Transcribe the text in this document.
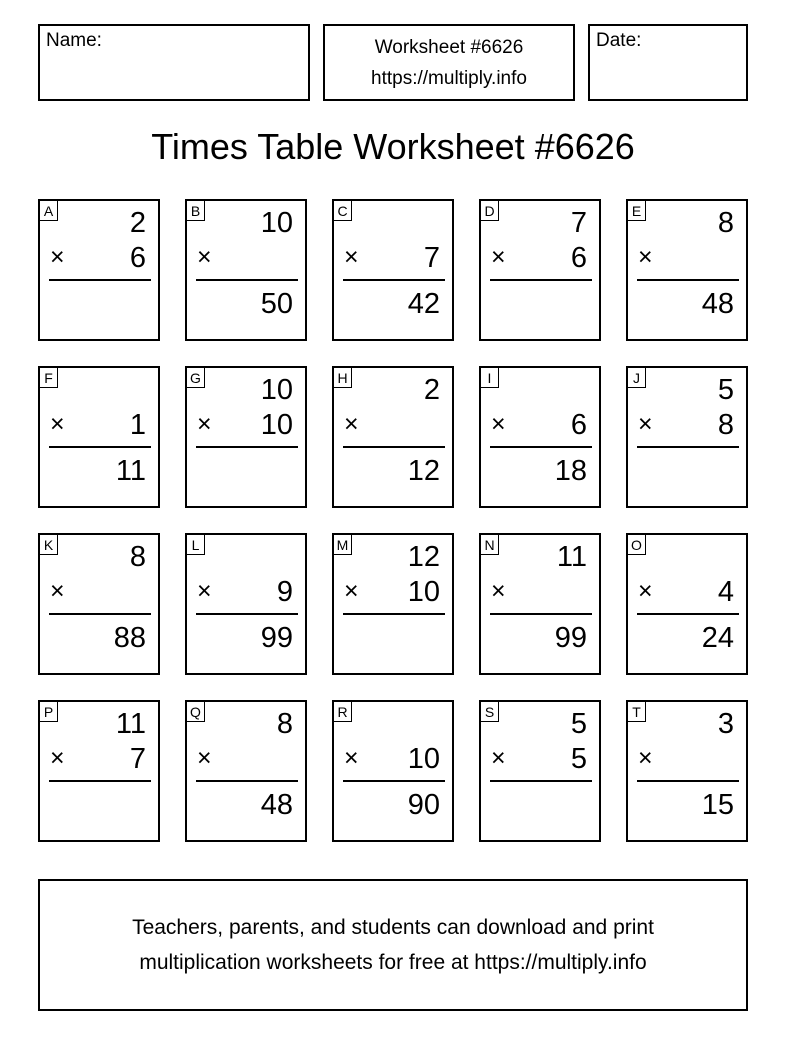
Name:	Worksheet #6626
https://multiply.info
Date:
Times Table Worksheet #6626
A	2
× 6
B 10
×
50
C
× 7
42
D	7
× 6
E	8
×
48
F
× 1
11
G 10
× 10
H	2
×
12
I
× 6
18
J	5
× 8
K	8
×
88
L
× 9
99
M 12
× 10
N 11
×
99
O
× 4
24
P 11
× 7
Q	8
×
48
R
× 10
90
S	5
× 5
T	3
×
15
Teachers, parents, and students can download and print
multiplication worksheets for free at https://multiply.info
